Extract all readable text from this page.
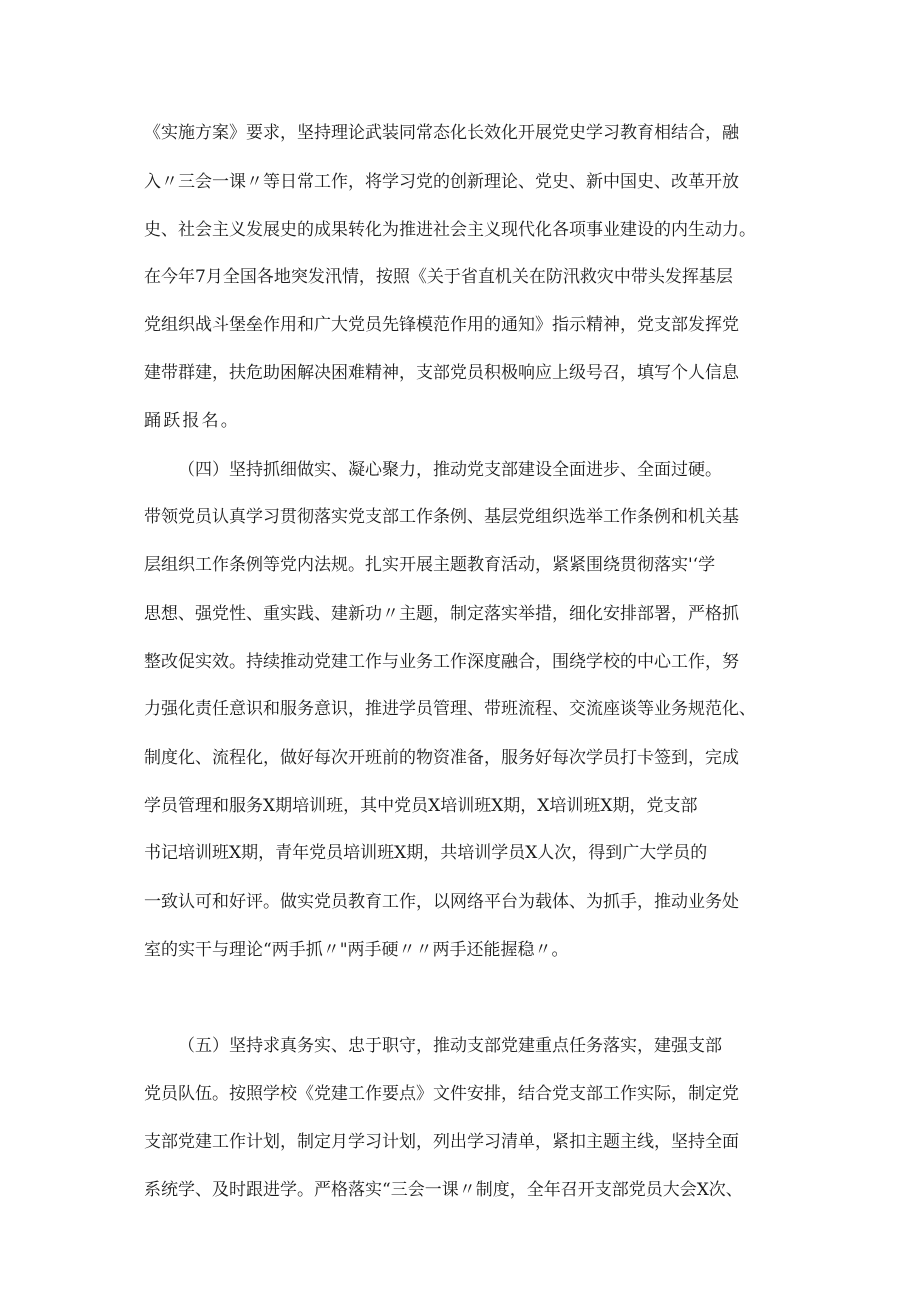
《实施方案》要求，坚持理论武装同常态化长效化开展党史学习教育相结合，融
入〃三会一课〃等日常工作，将学习党的创新理论、党史、新中国史、改革开放
史、社会主义发展史的成果转化为推进社会主义现代化各项事业建设的内生动力。
在今年7月全国各地突发汛情，按照《关于省直机关在防汛救灾中带头发挥基层
党组织战斗堡垒作用和广大党员先锋模范作用的通知》指示精神，党支部发挥党
建带群建，扶危助困解决困难精神，支部党员积极响应上级号召，填写个人信息
踊跃报名。
（四）坚持抓细做实、凝心聚力，推动党支部建设全面进步、全面过硬。
带领党员认真学习贯彻落实党支部工作条例、基层党组织选举工作条例和机关基
层组织工作条例等党内法规。扎实开展主题教育活动，紧紧围绕贯彻落实'‘学
思想、强党性、重实践、建新功〃主题，制定落实举措，细化安排部署，严格抓
整改促实效。持续推动党建工作与业务工作深度融合，围绕学校的中心工作，努
力强化责任意识和服务意识，推进学员管理、带班流程、交流座谈等业务规范化、
制度化、流程化，做好每次开班前的物资准备，服务好每次学员打卡签到，完成
学员管理和服务X期培训班，其中党员X培训班X期，X培训班X期，党支部
书记培训班X期，青年党员培训班X期，共培训学员X人次，得到广大学员的
一致认可和好评。做实党员教育工作，以网络平台为载体、为抓手，推动业务处
室的实干与理论“两手抓〃"两手硬〃〃两手还能握稳〃。
（五）坚持求真务实、忠于职守，推动支部党建重点任务落实，建强支部
党员队伍。按照学校《党建工作要点》文件安排，结合党支部工作实际，制定党
支部党建工作计划，制定月学习计划，列出学习清单，紧扣主题主线，坚持全面
系统学、及时跟进学。严格落实“三会一课〃制度，全年召开支部党员大会X次、
